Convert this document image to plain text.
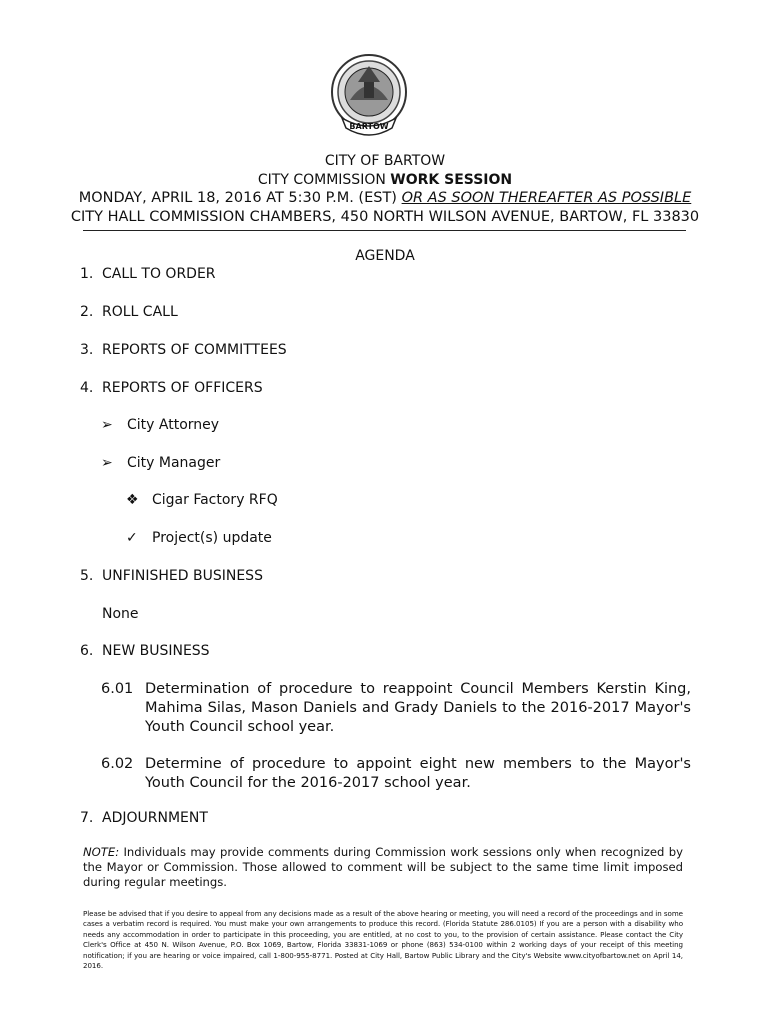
BARTOW
CITY OF BARTOW
CITY COMMISSION WORK SESSION
MONDAY, APRIL 18, 2016 AT 5:30 P.M. (EST) OR AS SOON THEREAFTER AS POSSIBLE
CITY HALL COMMISSION CHAMBERS, 450 NORTH WILSON AVENUE, BARTOW, FL 33830
AGENDA
1. CALL TO ORDER
2. ROLL CALL
3. REPORTS OF COMMITTEES
4. REPORTS OF OFFICERS
➢ City Attorney
➢ City Manager
❖ Cigar Factory RFQ
✓ Project(s) update
5. UNFINISHED BUSINESS
None
6. NEW BUSINESS
6.01 Determination of procedure to reappoint Council Members Kerstin King, Mahima Silas, Mason Daniels and Grady Daniels to the 2016-2017 Mayor's Youth Council school year.
6.02 Determine of procedure to appoint eight new members to the Mayor's Youth Council for the 2016-2017 school year.
7. ADJOURNMENT
NOTE: Individuals may provide comments during Commission work sessions only when recognized by the Mayor or Commission. Those allowed to comment will be subject to the same time limit imposed during regular meetings.
Please be advised that if you desire to appeal from any decisions made as a result of the above hearing or meeting, you will need a record of the proceedings and in some cases a verbatim record is required. You must make your own arrangements to produce this record. (Florida Statute 286.0105) If you are a person with a disability who needs any accommodation in order to participate in this proceeding, you are entitled, at no cost to you, to the provision of certain assistance. Please contact the City Clerk's Office at 450 N. Wilson Avenue, P.O. Box 1069, Bartow, Florida 33831-1069 or phone (863) 534-0100 within 2 working days of your receipt of this meeting notification; if you are hearing or voice impaired, call 1-800-955-8771. Posted at City Hall, Bartow Public Library and the City's Website www.cityofbartow.net on April 14, 2016.
